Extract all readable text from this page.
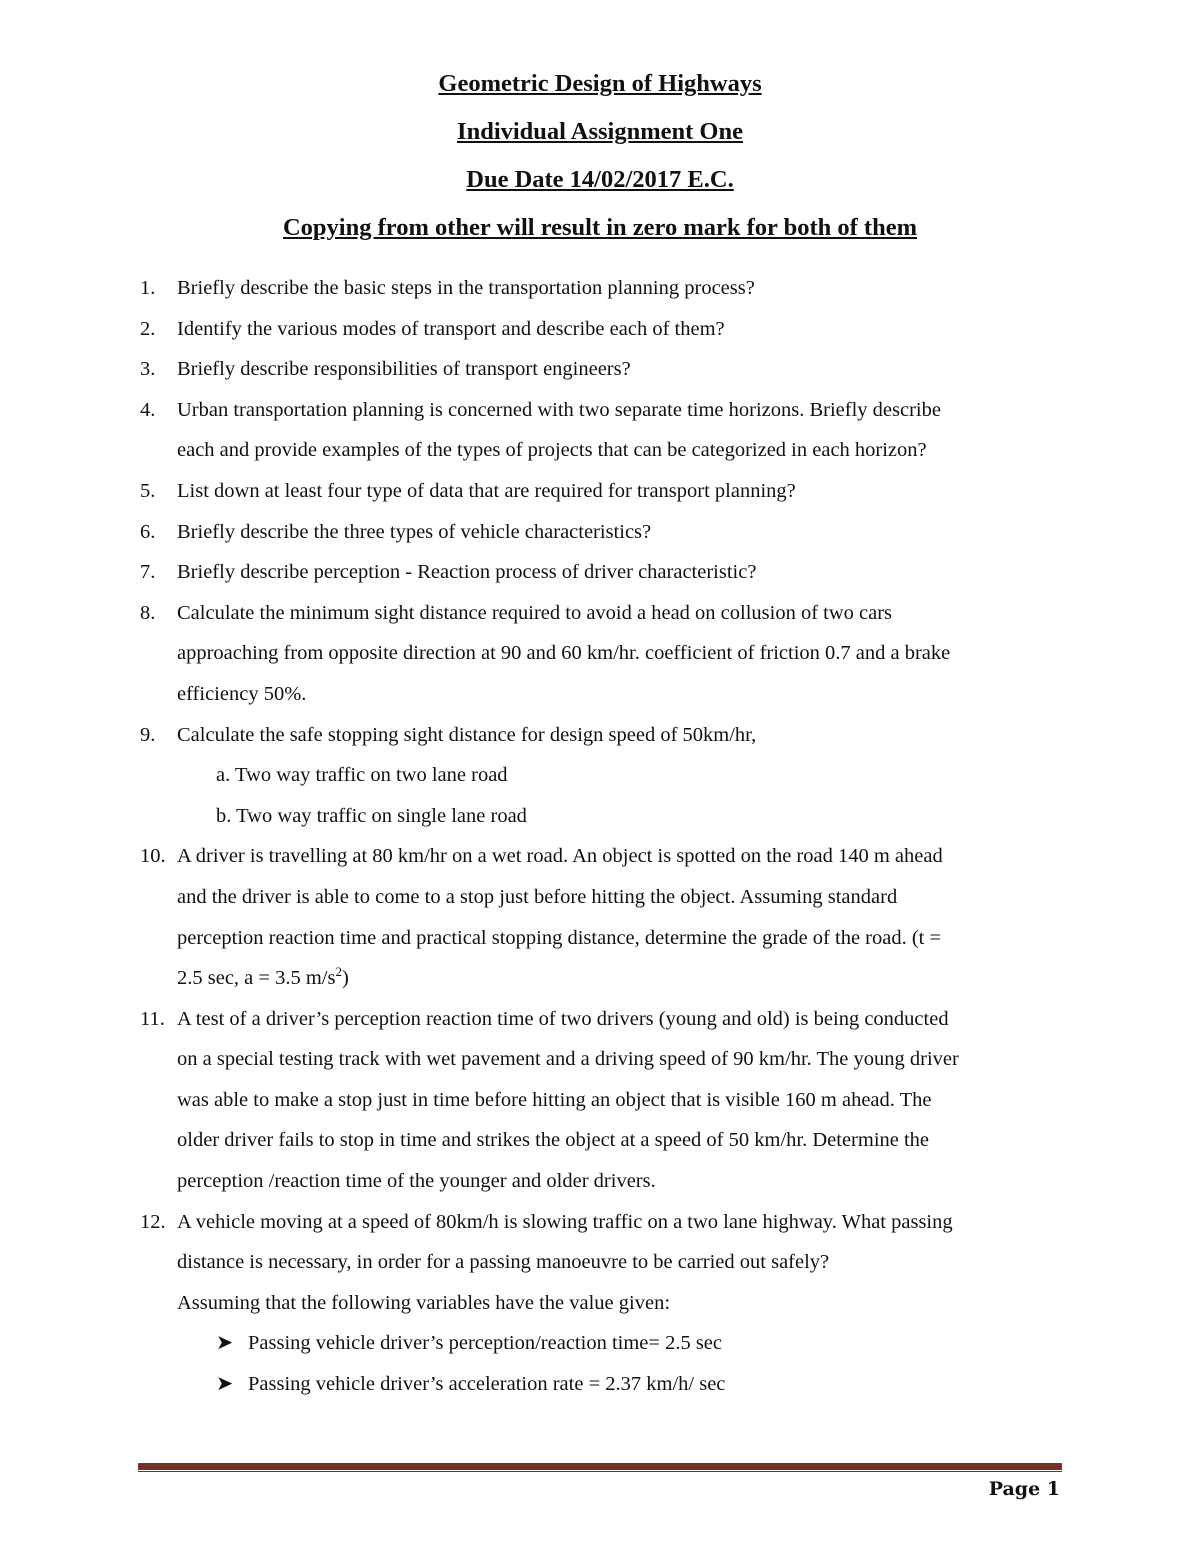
Geometric Design of Highways
Individual Assignment One
Due Date 14/02/2017 E.C.
Copying from other will result in zero mark for both of them
1.	Briefly describe the basic steps in the transportation planning process?
2.	Identify the various modes of transport and describe each of them?
3.	Briefly describe responsibilities of transport engineers?
4.	Urban transportation planning is concerned with two separate time horizons. Briefly describe
each and provide examples of the types of projects that can be categorized in each horizon?
5.	List down at least four type of data that are required for transport planning?
6.	Briefly describe the three types of vehicle characteristics?
7.	Briefly describe perception - Reaction process of driver characteristic?
8.	Calculate the minimum sight distance required to avoid a head on collusion of two cars
approaching from opposite direction at 90 and 60 km/hr. coefficient of friction 0.7 and a brake
efficiency 50%.
9.	Calculate the safe stopping sight distance for design speed of 50km/hr,
a. Two way traffic on two lane road
b. Two way traffic on single lane road
10. A driver is travelling at 80 km/hr on a wet road. An object is spotted on the road 140 m ahead
and the driver is able to come to a stop just before hitting the object. Assuming standard
perception reaction time and practical stopping distance, determine the grade of the road. (t =
2.5 sec, a = 3.5 $m/s^2$)
11. A test of a driver’s perception reaction time of two drivers (young and old) is being conducted
on a special testing track with wet pavement and a driving speed of 90 km/hr. The young driver
was able to make a stop just in time before hitting an object that is visible 160 m ahead. The
older driver fails to stop in time and strikes the object at a speed of 50 km/hr. Determine the
perception /reaction time of the younger and older drivers.
12. A vehicle moving at a speed of 80km/h is slowing traffic on a two lane highway. What passing
distance is necessary, in order for a passing manoeuvre to be carried out safely?
Assuming that the following variables have the value given:
➤ Passing vehicle driver’s perception/reaction time= 2.5 sec
➤ Passing vehicle driver’s acceleration rate = 2.37 km/h/ sec
Page 1
